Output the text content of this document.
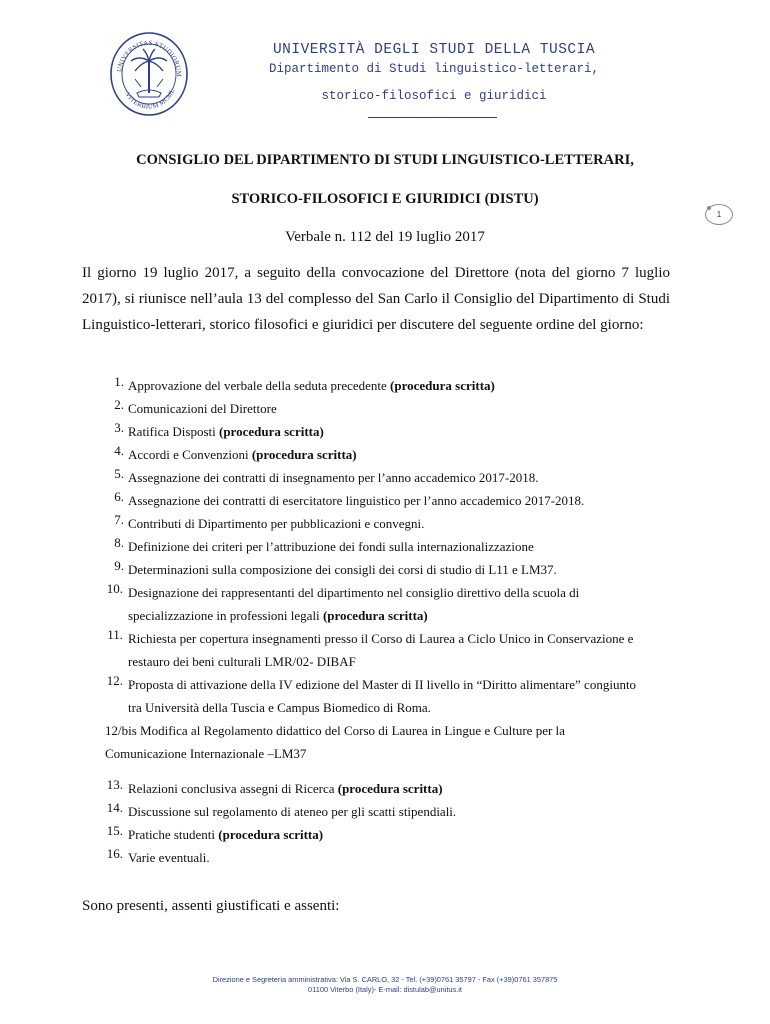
UNIVERSITAS STUDIORUM
VITERBIUM MCML
UNIVERSITÀ DEGLI STUDI DELLA TUSCIA
Dipartimento di Studi linguistico-letterari,
storico-filosofici e giuridici
CONSIGLIO DEL DIPARTIMENTO DI STUDI LINGUISTICO-LETTERARI,
STORICO-FILOSOFICI E GIURIDICI (DISTU)
Verbale n. 112 del 19 luglio 2017
1
Il giorno 19 luglio 2017, a seguito della convocazione del Direttore (nota del giorno 7 luglio 2017), si riunisce nell’aula 13 del complesso del San Carlo il Consiglio del Dipartimento di Studi Linguistico-letterari, storico filosofici e giuridici per discutere del seguente ordine del giorno:
1. Approvazione del verbale della seduta precedente (procedura scritta)
2. Comunicazioni del Direttore
3. Ratifica Disposti (procedura scritta)
4. Accordi e Convenzioni (procedura scritta)
5. Assegnazione dei contratti di insegnamento per l’anno accademico 2017-2018.
6. Assegnazione dei contratti di esercitatore linguistico per l’anno accademico 2017-2018.
7. Contributi di Dipartimento per pubblicazioni e convegni.
8. Definizione dei criteri per l’attribuzione dei fondi sulla internazionalizzazione
9. Determinazioni sulla composizione dei consigli dei corsi di studio di L11 e LM37.
10. Designazione dei rappresentanti del dipartimento nel consiglio direttivo della scuola di specializzazione in professioni legali (procedura scritta)
11. Richiesta per copertura insegnamenti presso il Corso di Laurea a Ciclo Unico in Conservazione e restauro dei beni culturali LMR/02- DIBAF
12. Proposta di attivazione della IV edizione del Master di II livello in “Diritto alimentare” congiunto tra Università della Tuscia e Campus Biomedico di Roma.
12/bis Modifica al Regolamento didattico del Corso di Laurea in Lingue e Culture per la Comunicazione Internazionale –LM37
13. Relazioni conclusiva assegni di Ricerca (procedura scritta)
14. Discussione sul regolamento di ateneo per gli scatti stipendiali.
15. Pratiche studenti (procedura scritta)
16. Varie eventuali.
Sono presenti, assenti giustificati e assenti:
Direzione e Segreteria amministrativa: Via S. CARLO, 32 - Tel. (+39)0761 35797 - Fax (+39)0761 357875
01100 Viterbo (Italy)- E-mail: distulab@unitus.it
